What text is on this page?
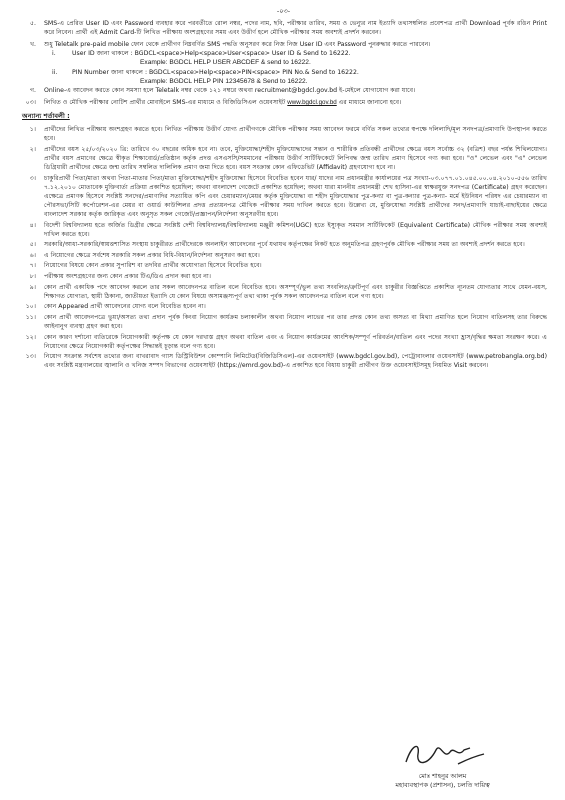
-০৩-
৫.	SMS-এ প্রেরিত User ID এবং Password ব্যবহার করে পরবর্তীতে রোল নম্বর, পদের নাম, ছবি, পরীক্ষার তারিখ, সময় ও ভেন্যুর নাম ইত্যাদি তথ্যসম্বলিত প্রবেশপত্র প্রার্থী Download পূর্বক রঙিন Print করে নিবেন। প্রার্থী এই Admit Card-টি লিখিত পরীক্ষায় অংশগ্রহণের সময় এবং উত্তীর্ণ হলে মৌখিক পরীক্ষার সময় অবশ্যই প্রদর্শন করবেন।
খ.	শুধু Teletalk pre-paid mobile ফোন থেকে প্রার্থীগণ নিম্নবর্ণিত SMS পদ্ধতি অনুসরণ করে নিজ নিজ User ID এবং Password পুনরুদ্ধার করতে পারবেন।
i.	User ID জানা থাকলে : BGDCL<space>Help<space>User<space> User ID & Send to 16222.
Example: BGDCL HELP USER ABCDEF & send to 16222.
ii.	PIN Number জানা থাকলে : BGDCL<space>Help<space>PIN<space> PIN No.& Send to 16222.
Example: BGDCL HELP PIN 12345678 & Send to 16222.
গ.	Online-এ আবেদন করতে কোন সমস্যা হলে Teletalk নম্বর থেকে ১২১ নম্বরে অথবা recruitment@bgdcl.gov.bd ই-মেইলে যোগাযোগ করা যাবে।
০৩।	লিখিত ও মৌখিক পরীক্ষার নোটিশ প্রার্থীর মোবাইলে SMS-এর মাধ্যমে ও বিজিডিসিএল ওয়েবসাইট www.bgdcl.gov.bd এর মাধ্যমে জানানো হবে।
অন্যান্য শর্তাবলী :
১।	প্রার্থীদের লিখিত পরীক্ষায় অংশগ্রহণ করতে হবে। লিখিত পরীক্ষায় উত্তীর্ণ যোগ্য প্রার্থীগণকে মৌখিক পরীক্ষার সময় আবেদন ফরমে বর্ণিত সকল তথ্যের স্বপক্ষে দলিলাদি/মূল সনদপত্র/প্রমাণাদি উপস্থাপন করতে হবে।
২।	প্রার্থীদের বয়স ২৫/০৩/২০২০ খ্রি: তারিখে ৩০ বছরের অধিক হবে না। তবে, মুক্তিযোদ্ধা/শহীদ মুক্তিযোদ্ধাদের সন্তান ও শারীরিক প্রতিবন্ধী প্রার্থীদের ক্ষেত্রে বয়স সর্বোচ্চ ৩২ (বত্রিশ) বছর পর্যন্ত শিথিলযোগ্য। প্রার্থীর বয়স প্রমাণের ক্ষেত্রে স্বীকৃত শিক্ষাবোর্ড/প্রতিষ্ঠান কর্তৃক প্রদত্ত এসএসসি/সমমানের পরীক্ষায় উত্তীর্ণ সার্টিফিকেটে লিপিবদ্ধ জন্ম তারিখ প্রমাণ হিসেবে গণ্য করা হবে। "ও" লেভেল এবং "এ" লেভেল ডিগ্রিধারী প্রার্থীদের ক্ষেত্রে জন্ম তারিখ সম্বলিত দালিলিক প্রমাণ জমা দিতে হবে। বয়স সংক্রান্ত কোন এফিডেভিট (Affidavit) গ্রহণযোগ্য হবে না।
৩।	চাকুরিপ্রার্থী পিতা/মাতা অথবা পিতা-মাতার পিতা/মাতা মুক্তিযোদ্ধা/শহীদ মুক্তিযোদ্ধা হিসেবে বিবেচিত হবেন যার/ যাদের নাম প্রধানমন্ত্রীর কার্যালয়ের পত্র সংখ্যা-০৩.০৭৭.০১.০৪৫.০০.০৪.২০১০-৫৫৬ তারিখ ৭.১২.২০১০ মোতাবেক মুক্তিবার্তা প্রক্রিয়া প্রকাশিত হয়েছিল; অথবা বাংলাদেশ গেজেটে প্রকাশিত হয়েছিল; অথবা যারা মাননীয় প্রধানমন্ত্রী শেখ হাসিনা-এর স্বাক্ষরযুক্ত সনদপত্র (Certificate) গ্রহণ করেছেন। এক্ষেত্রে প্রমাণক হিসেবে সংশ্লিষ্ট সনদের/প্রমাণাদির সত্যায়িত কপি এবং চেয়ারম্যান/মেয়র কর্তৃক মুক্তিযোদ্ধা বা শহীদ মুক্তিযোদ্ধার পুত্র-কন্যা বা পুত্র-কন্যার পুত্র-কন্যা- মর্মে ইউনিয়ন পরিষদ এর চেয়ারম্যান বা পৌরসভা/সিটি কর্পোরেশন-এর মেয়র বা ওয়ার্ড কাউন্সিলর প্রদত্ত প্রত্যয়নপত্র মৌখিক পরীক্ষার সময় দাখিল করতে হবে। উল্লেখ্য যে, মুক্তিযোদ্ধা সংশ্লিষ্ট প্রার্থীদের সনদ/প্রমাণাদি যাচাই-বাছাইয়ের ক্ষেত্রে বাংলাদেশ সরকার কর্তৃক জারিকৃত এবং অনুসৃত সকল গেজেট/প্রজ্ঞাপন/নির্দেশনা অনুসরণীয় হবে।
৪।	বিদেশী বিশ্ববিদ্যালয় হতে অর্জিত ডিগ্রীর ক্ষেত্রে সংশ্লিষ্ট দেশী বিশ্ববিদ্যালয়/বিশ্ববিদ্যালয় মঞ্জুরী কমিশন(UGC) হতে ইস্যুকৃত সমমান সার্টিফিকেট (Equivalent Certificate) মৌখিক পরীক্ষার সময় অবশ্যই দাখিল করতে হবে।
৫।	সরকারি/আধা-সরকারি/স্বায়ত্তশাসিত সংস্থায় চাকুরীরত প্রার্থীদেরকে অনলাইন আবেদনের পূর্বে যথাযথ কর্তৃপক্ষের নিকট হতে অনুমতিপত্র গ্রহণপূর্বক মৌখিক পরীক্ষার সময় তা অবশ্যই প্রদর্শন করতে হবে।
৬।	এ নিয়োগের ক্ষেত্রে সর্বশেষ সরকারি সকল প্রকার বিধি-বিধান/নির্দেশনা অনুসরণ করা হবে।
৭।	নিয়োগের বিষয়ে কোন প্রকার সুপারিশ বা তদবির প্রার্থীর অযোগ্যতা হিসেবে বিবেচিত হবে।
৮।	পরীক্ষায় অংশগ্রহণের জন্য কোন প্রকার টিএ/ডিএ প্রদান করা হবে না।
৯।	কোন প্রার্থী একাধিক পদে আবেদন করলে তার সকল আবেদনপত্র বাতিল বলে বিবেচিত হবে। অসম্পূর্ণ/ভুল তথ্য সংবলিত/ত্রুটিপূর্ণ এবং চাকুরীর বিজ্ঞপ্তিতে প্রকাশিত ন্যূনতম যোগ্যতার সাথে যেমন-বয়স, শিক্ষাগত যোগ্যতা, স্থায়ী ঠিকানা, জাতীয়তা ইত্যাদি যে কোন বিষয়ে অসামঞ্জস্যপূর্ণ তথ্য থাকা পূর্বক সকল আবেদনপত্র বাতিল বলে গণ্য হবে।
১০।	কোন Appeared প্রার্থী আবেদনের যোগ্য বলে বিবেচিত হবেন না।
১১।	কোন প্রার্থী আবেদনপত্রে ভুয়া/অসত্য তথ্য প্রদান পূর্বক কিংবা নিয়োগ কার্যক্রম চলাকালীন অথবা নিয়োগ লাভের পর তার প্রদত্ত কোন তথ্য অসত্য বা মিথ্যা প্রমাণিত হলে নিয়োগ বাতিলসহ তার বিরুদ্ধে আইনানুগ ব্যবস্থা গ্রহণ করা হবে।
১২।	কোন কারণ দর্শানো ব্যতিরেকে নিয়োগকারী কর্তৃপক্ষ যে কোন দরখাস্ত গ্রহণ অথবা বাতিল এবং এ নিয়োগ কার্যক্রমের আংশিক/সম্পূর্ণ পরিবর্তন/বাতিল এবং পদের সংখ্যা হ্রাস/বৃদ্ধির ক্ষমতা সংরক্ষণ করে। এ নিয়োগের ক্ষেত্রে নিয়োগকারী কর্তৃপক্ষের সিদ্ধান্তই চূড়ান্ত বলে গণ্য হবে।
১৩।	নিয়োগ সংক্রান্ত সর্বশেষ তথ্যের জন্য বাখরাবাদ গ্যাস ডিস্ট্রিবিউশন কোম্পানি লিমিটেড(বিজিডিসিএল)-এর ওয়েবসাইট (www.bgdcl.gov.bd), পেট্রোবাংলার ওয়েবসাইট (www.petrobangla.org.bd) এবং সংশ্লিষ্ট মন্ত্রণালয়ের জ্বালানি ও খনিজ সম্পদ বিভাগের ওয়েবসাইট (https://emrd.gov.bd)-এ প্রকাশিত হবে বিধায় চাকুরী প্রার্থীগণ উক্ত ওয়েবসাইটসমূহ নিয়মিত Visit করবেন।
মোঃ শাহনুর আলম
মহাব্যবস্থাপক (প্রশাসন), চলতি দায়িত্ব
